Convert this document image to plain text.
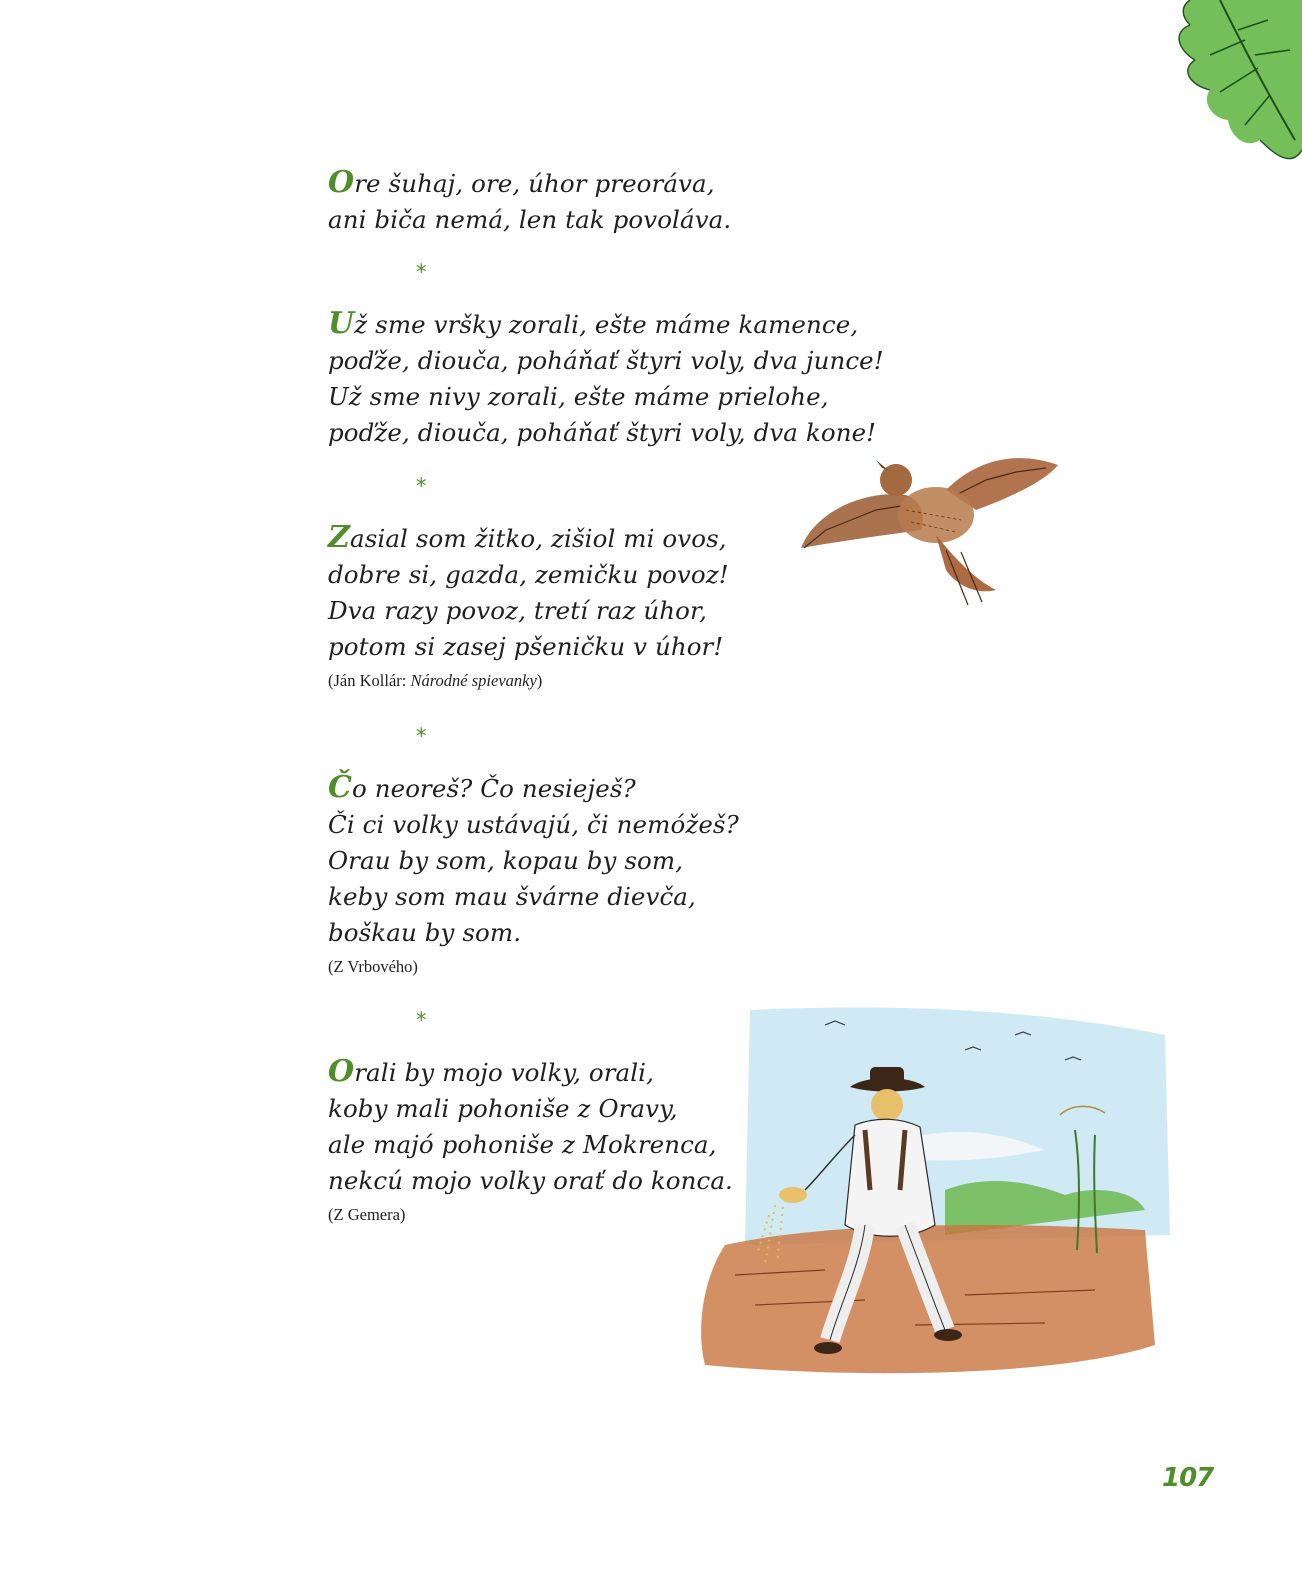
Ore šuhaj, ore, úhor preoráva,
ani biča nemá, len tak povoláva.
*
Už sme vršky zorali, ešte máme kamence,
poďže, diouča, poháňať štyri voly, dva junce!
Už sme nivy zorali, ešte máme prielohe,
poďže, diouča, poháňať štyri voly, dva kone!
*
Zasial som žitko, zišiol mi ovos,
dobre si, gazda, zemičku povoz!
Dva razy povoz, tretí raz úhor,
potom si zasej pšeničku v úhor!
(Ján Kollár: Národné spievanky)
*
Čo neoreš? Čo nesieješ?
Či ci volky ustávajú, či nemóžeš?
Orau by som, kopau by som,
keby som mau švárne dievča,
boškau by som.
(Z Vrbového)
*
Orali by mojo volky, orali,
koby mali pohoniše z Oravy,
ale majó pohoniše z Mokrenca,
nekcú mojo volky orať do konca.
(Z Gemera)
107
